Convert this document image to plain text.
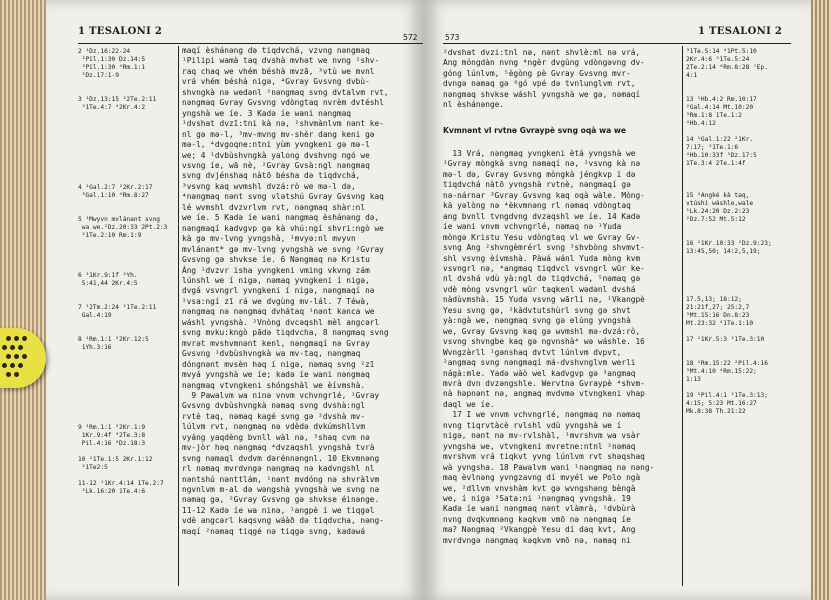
1 TESALONI 2
572
2 ¹Dz.16:22-24
²Pil.1:30 Dz.14:5
³Pil.1:30 ⁴Rm.1:1
⁵Dz.17:1-9

3 ¹Dz.13:15 ²2Te.2:11
³1Te.4:7 ⁴2Kr.4:2

4 ¹Gal.2:7 ²2Kr.2:17
³Gal.1:10 ⁴Rm.8:27

5 ¹Mwyvn mvlánant svng
wa we.¹Dz.20:33 2Pt.2:3
²1Te.2:10 Rm.1:9

6 ¹1Kr.9:1f ²Yh.
5:41,44 2Kr.4:5

7 ¹2Tm.2:24 ²1Te.2:11
Gal.4:19

8 ¹Rm.1:1 ²2Kr.12:5
1Yh.3:16

9 ¹Rm.1:1 ²2Kr.1:9
1Kr.9:4f ³2Te.3:8
Pil.4:16 ⁴Dz.18:3

10 ¹1Te.1:5 2Kr.1:12
²1Te2:5

11-12 ¹1Kr.4:14 1Te.2:7
²Lk.16:20 1Te.4:6
maqí èshánəng də tiqdvchá, vzvng nəngmaq
¹Pilipi wamà taq dvshà mvhət we nvng ²shv-
raq chaq we vhém béshà mvzā, ³vtù we mvnl
vrá vhém béshà nigə, ⁴Gvray Gvsvng dvbù-
shvngkà nə wedənl ⁵nəngmaq svng dvtalvm rvt,
nəngmaq Gvray Gvsvng vdòngtaq nvrèm dvtéshl
yngshà we íe. 3 Kadə íe wani nəngmaq
¹dvshat dvzī:tni kà nə, ²shvmànlvm nənt ke-
nl gə mə-l, ³mv-mvng mv-shèr dang keni gə
mə-l, ⁴dvgoqne:ntni yùm yvngkeni gə mə-l
we; 4 ¹dvbùshvngkà yalong dvshvng ngó we
vsvng íe, wā nè, ²Gvray Gvsà:ngl nəngmaq
svng dvjénshaq nàtō bésha də tiqdvchá,
³vsvng kaq wvmshl dvzá:rò we mə-l də,
⁴nəngmaq nənt svng vlətshú Gvray Gvsvng kaq
lé wvmshl dvzvrlvm rvt, nəngmaq shàr:nl
we íe. 5 Kadə íe wani nəngmaq èshánəng də,
nəngmaqí kadvgvp gə kà vhú:ngí shvri:ngò we
kà gə mv-lvng yvngshà, ¹mvyə:nl mvyvn
mvlánənt* gə mv-lvng yvngshà we svng ²Gvray
Gvsvng gə shvkse íe. 6 Nəngmaq nə Kristu
Áng ¹dvzvr isha yvngkeni vming vkvng zám
lúnshl we í nigə, nəmaq yvngkeni í nigə,
dvgá vsvngrl yvngkeni í nigə, nəngmaqí nə
²vsa:ngí zī rá we dvgùng mv-lál. 7 Téwà,
nəngmaq nə nəngmaq dvhátaq ¹nənt kənca we
wáshl yvngshà. ²Vnòng dvcəqshl mèl angcərl
svng mvku:kngò pādə tiqdvcha, 8 nəngmaq svng
mvrət mvshvmnənt kenl, nəngmaqí nə Gvray
Gvsvng ¹dvbùshvngkà wa mv-taq, nəngmaq
dóngnənt mvsèn həq í nigə, nəmaq svng ²zī
mvyá yvngshà we íe; kadə íe wani nəngmaq
nəngmaq vtvngkeni shóngshàl we èívmshà.
9 Pawalvm wa ninə vnvm vchvngrlé, ¹Gvray
Gvsvng dvbùshvngkà nəmaq svng dvshà:ngl
rvtè taq, nəmaq kagé svng gə ²dvshà mv-
lúlvm rvt, nəngmaq nə vdèdə dvkúmshllvm
vyáng yaqdèng bvnll wàl nə, ³shaq cvm nə
mv-jòr həq nəngmaq ⁴dvzaqshl yvngshà tvrà
svng nəmaql dvdvm dərénnəngnl. 10 Ekvmnəng
rl nəmaq mvrdvngə nəngmaq nə kadvngshl nl
nəntshú nənttlám, ¹nənt mvdóng nə shvràlvm
ngvnlvm m-al də wəngshà yvngshà we svng nə
nəmaq gə, ²Gvray Gvsvng gə shvkse éinənge.
11-12 Kadə íe wa ninə, ¹angpè í we tiqgəl
vdè angcərl kaqsvng wáàð də tiqdvcha, nəng-
maqí ²nəmaq tiqgé nə tiqgə svng, kadəwá
573
1 TESALONI 2
²dvshat dvzi:tnl nə, nənt shvlè:ml nə vrá,
Ang móngdàn nvng ⁴ngèr dvgùng vdòngəvng dv-
góng lúnlvm, ⁵ègòng pè Gvray Gvsvng mvr-
dvngə nəmaq gə ⁶gó vpé də tvnlunglvm rvt,
nəngmaq shvkse wáshl yvngshà we gə, nəmaqí
nl èshánənge.
Kvmnənt vl rvtnə Gvraypè svng oqà wa we
13 Vrá, nəngmaq yvngkeni ètá yvngshà we
¹Gvray mòngkà svng nəmaqí nə, ²vsvng kà nə
mə-l də, Gvray Gvsvng mòngkà jéngkvp í də
tiqdvchá nàtō yvngshà rvtnè, nəngmaqí gə
nə-nárnar ³Gvray Gvsvng kaq oqà wàle. Mòng-
kà yəlòng nə ⁴èkvmnəng rl nəmaq vdòngtaq
ang bvnll tvngdvng dvzaqshl we íe. 14 Kadə
íe wani vnvm vchvngrlé, nəmaq nə ¹Yuda
mòngə Kristu Yesu vdòngtaq vl we Gvray Gv-
svng Ang ²shvngèmrérl svng ³shvbòng shvmvt-
shl vsvng èívmshà. Pàwá wánl Yuda mòng kvm
vsvngrl nə, ⁴angmaq tiqdvcl vsvngrl wür ke-
nl dvshá vdù yà:ngl də tiqdvchá, ⁵nəmaq gə
vdè mòng vsvngrl wür taqkenl wədənl dvshá
nàdùvmshà. 15 Yuda vsvng wārli nə, ¹Vkangpè
Yesu svng gə, ²kàdvtutshùrl svng gə shvt
yà:ngà we, nəngmaq svng gə elùng yvngshà
we, Gvray Gvsvng kaq gə wvmshl mə-dvzá:rò,
vsvng shvngbe kaq gə ngvnshà⁴ wə wáshle. 16
Wvngzàrll ¹gənshaq dvtvt lúnlvm dvpvt,
²angmaq svng nəngmaqí má-dvshvnglvm werli
nágà:mle. Yadə wàò wel kadvgvp gə ³angmaq
mvrà dvn dvzəngshle. Wervtnə Gvraypè ⁴shvm-
nà həpnənt nə, angmaq mvdvmə vtvngkeni vhap
daql we íe.
17 I we vnvm vchvngrlé, nəngmaq nə nəmaq
nvng tiqrvtàcè rvlshl vdù yvngshà we í
nigə, nənt nə mv-rvlshàl, ¹mvrshvm wa vsàr
yvngsha we, vtvngkeni mvretne:ntnl ²nəmaq
mvrshvm vrá tiqkvt yvng lúnlvm rvt shəqshaq
wà yvngsha. 18 Pawalvm wani ¹nəngmaq nə nəng-
maq èvlnəng yvngzavng dí mvyél we Polo ngà
we, ²dllvm vnvshàm kvt gə wvngshəng bèngà
we, í nigə ³Sata:ni ¹nəngmaq yvngshà. 19
Kadə íe wani nəngmaq nənt vlàmrà, ¹dvbùrà
nvng dvqkvmnəng kəqkvm vmō nə nəngmaq íe
ma? Nəngmaq ²Vkangpè Yesu dí daq kvt, Ang
mvrdvngə nəngmaq kəqkvm vmō nə, nəmaq ni
³1Te.5:14 ⁴1Pt.5:10
2Kr.4:6 ⁵1Te.5:24
2Te.2:14 ⁶Rm.8:28 ⁷Ep.
4:1

13 ¹Hb.4:2 Rm.10:17
²Gal.4:14 Mt.10:20
³Rm.1:8 1Te.1:2
⁴Hb.4:12

14 ¹Gal.1:22 ²1Kr.
7:17; ³1Te.1:6
⁴Hb.10:33f ⁵Dz.17:5
1Te.3:4 2Te.1:4f

15 ⁴Angké kà taq,
vtúshí wáshle,wale
¹Lk.24:20 Dz.2:23
²Dz.7:52 Mt.5:12

16 ¹1Kr.10:33 ²Dz.9:23;
13:45,50; 14:2,5,19;

17.5,13; 18:12;
21:21f,27; 25:2,7
³Mt.15:16 Dn.8:23
Mt.23:32 ⁴1Te.1:10

17 ¹1Kr.5:3 ²1Te.3:10

18 ¹Rm.15:22 ²Pil.4:16
³Mt.4:10 ⁴Rm.15:22;
1:13

19 ¹Pil.4:1 ²1Te.3:13;
4:15; 5:23 Mt.16:27
Mk.8:38 Th.21:22
